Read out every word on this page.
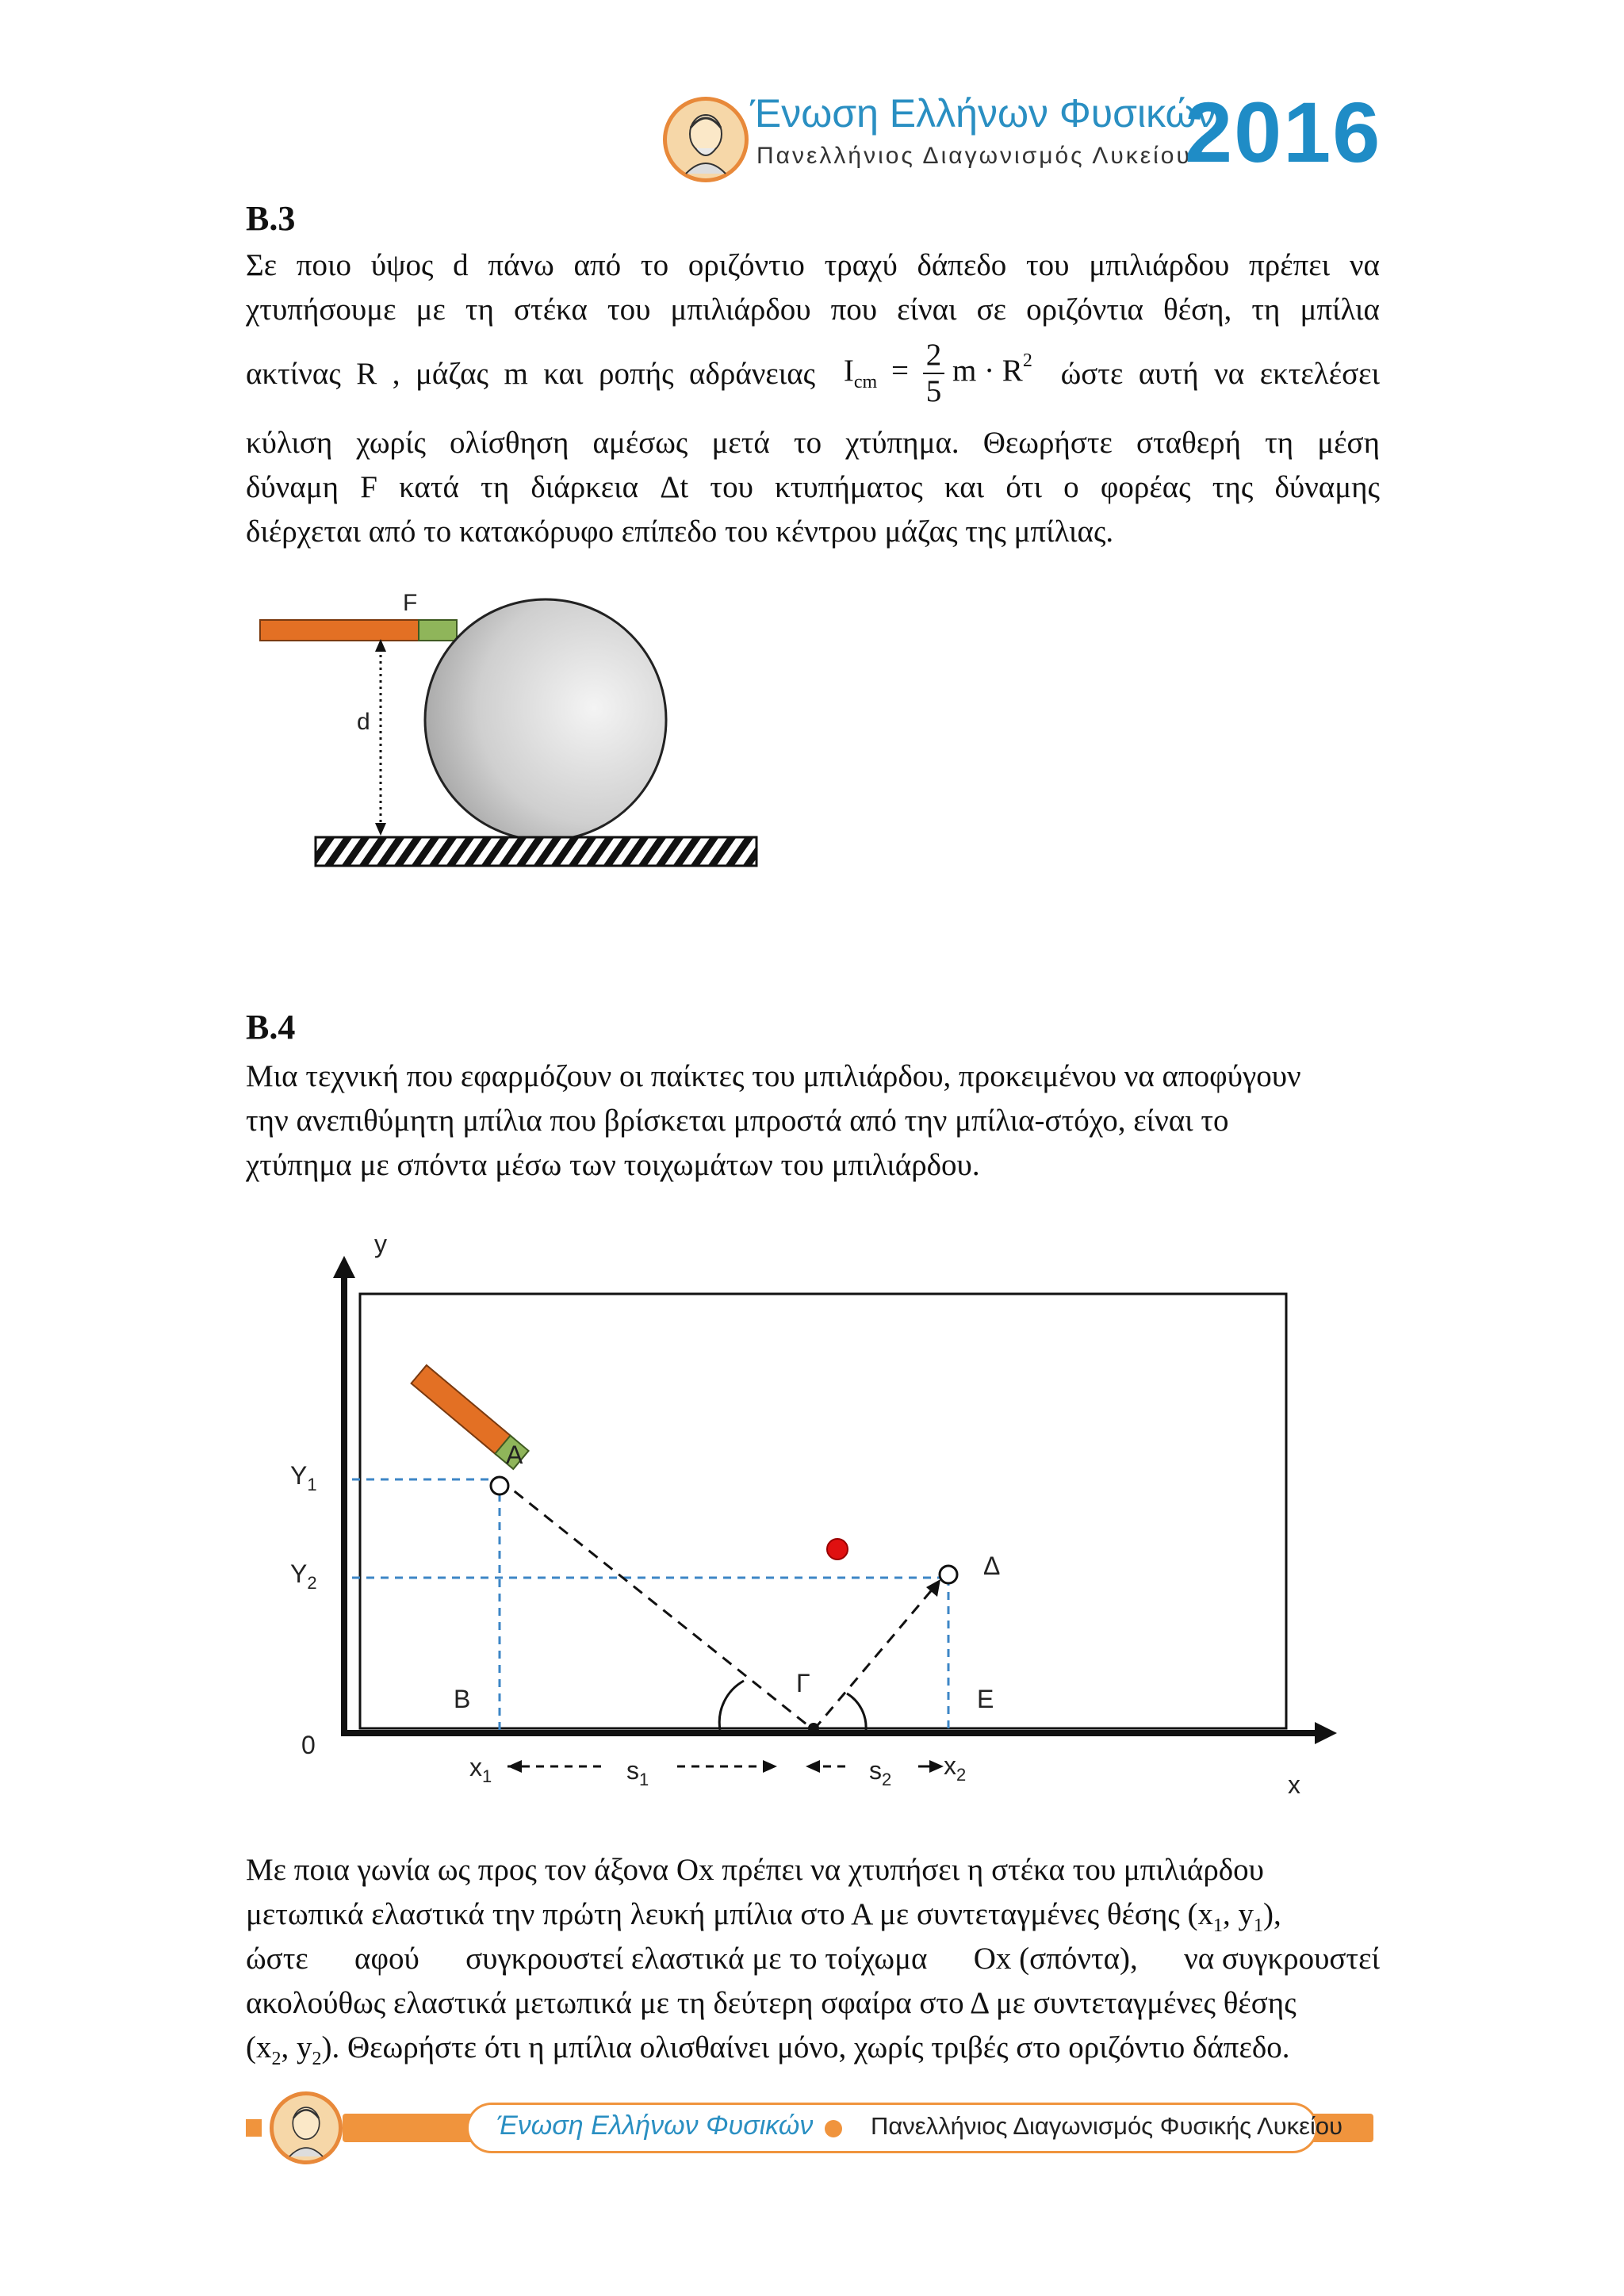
Ένωση Ελλήνων Φυσικών
Πανελλήνιος Διαγωνισμός Λυκείου
2016
Β.3
Σε ποιο ύψος d πάνω από το οριζόντιο τραχύ δάπεδο του μπιλιάρδου πρέπει να
χτυπήσουμε με τη στέκα του μπιλιάρδου που είναι σε οριζόντια θέση, τη μπίλια
ακτίνας  R  ,  μάζας  m  και  ροπής  αδράνειας $I_{cm} = \frac{2}{5}$ m · R2 ώστε  αυτή  να  εκτελέσει
κύλιση χωρίς ολίσθηση αμέσως μετά το χτύπημα. Θεωρήστε σταθερή τη μέση
δύναμη F κατά τη διάρκεια Δt του κτυπήματος και ότι ο φορέας της δύναμης
διέρχεται από το κατακόρυφο επίπεδο του κέντρου μάζας της μπίλιας.
F
d
Β.4
Μια τεχνική που εφαρμόζουν οι παίκτες του μπιλιάρδου, προκειμένου να αποφύγουν
την ανεπιθύμητη μπίλια που βρίσκεται μπροστά από την μπίλια-στόχο, είναι το
χτύπημα με σπόντα μέσω των τοιχωμάτων του μπιλιάρδου.
y
x
0
A
B
Γ
Δ
E
$Y_1$
$Y_2$
$x_1$	$x_2$
$s_1$	$s_2$
Με ποια γωνία ως προς τον άξονα Οx πρέπει να χτυπήσει η στέκα του μπιλιάρδου
μετωπικά ελαστικά την πρώτη λευκή μπίλια στο Α με συντεταγμένες θέσης ($x_1$, $y_1$),
ώστε αφού συγκρουστεί ελαστικά με το τοίχωμα Οx (σπόντα), να συγκρουστεί
ακολούθως ελαστικά μετωπικά με τη δεύτερη σφαίρα στο Δ με συντεταγμένες θέσης
($x_2$, $y_2$). Θεωρήστε ότι η μπίλια ολισθαίνει μόνο, χωρίς τριβές στο οριζόντιο δάπεδο.
Ένωση Ελλήνων Φυσικών Πανελλήνιος Διαγωνισμός Φυσικής Λυκείου
